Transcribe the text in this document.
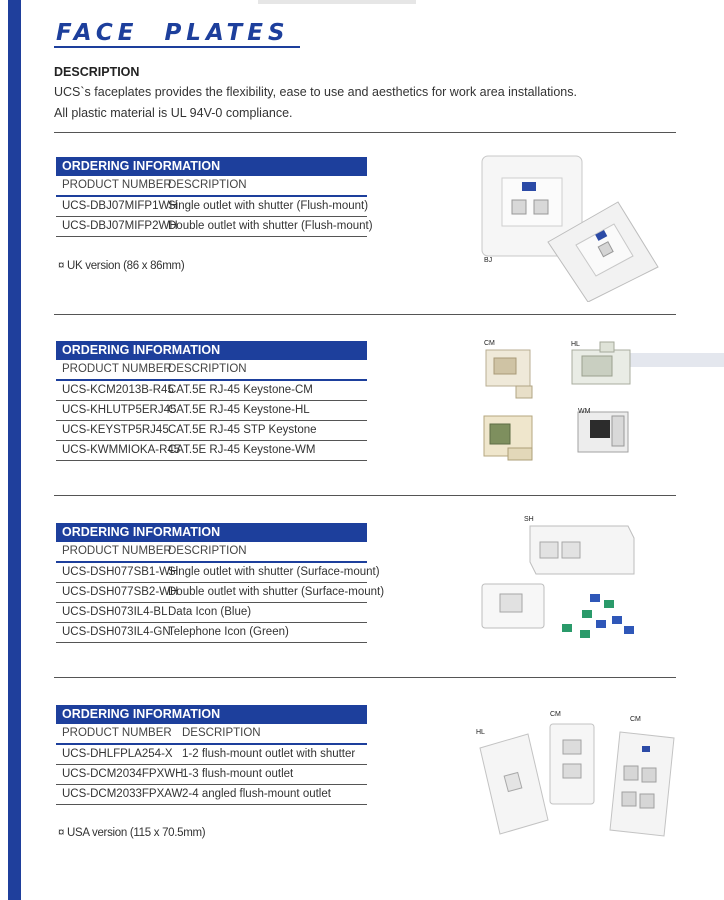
FACE  PLATES
DESCRIPTION
UCS`s faceplates provides the flexibility, ease to use and aesthetics for work area installations.
All plastic material is UL 94V-0 compliance.
ORDERING INFORMATION
PRODUCT NUMBER
DESCRIPTION
UCS-DBJ07MIFP1WH
Single outlet with shutter (Flush-mount)
UCS-DBJ07MIFP2WH
Double outlet with shutter (Flush-mount)
¤ UK version (86 x 86mm)	BJ
ORDERING INFORMATION
PRODUCT NUMBER
DESCRIPTION
UCS-KCM2013B-R45
CAT.5E RJ-45 Keystone-CM
UCS-KHLUTP5ERJ45
CAT.5E RJ-45 Keystone-HL
UCS-KEYSTP5RJ45 CAT.5E RJ-45 STP Keystone
UCS-KWMMIOKA-R45
CAT.5E RJ-45 Keystone-WM
CM	HL
WM
ORDERING INFORMATION
PRODUCT NUMBER
DESCRIPTION
UCS-DSH077SB1-WH
Single outlet with shutter (Surface-mount)
UCS-DSH077SB2-WH
Double outlet with shutter (Surface-mount)
UCS-DSH073IL4-BL Data Icon (Blue)
UCS-DSH073IL4-GN
Telephone Icon (Green)
SH
ORDERING INFORMATION
PRODUCT NUMBER DESCRIPTION
UCS-DHLFPLA254-X 1-2 flush-mount outlet with shutter
UCS-DCM2034FPXWH
1-3 flush-mount outlet
UCS-DCM2033FPXAW 2-4 angled flush-mount outlet
¤ USA version (115 x 70.5mm)
HL
CM
CM
